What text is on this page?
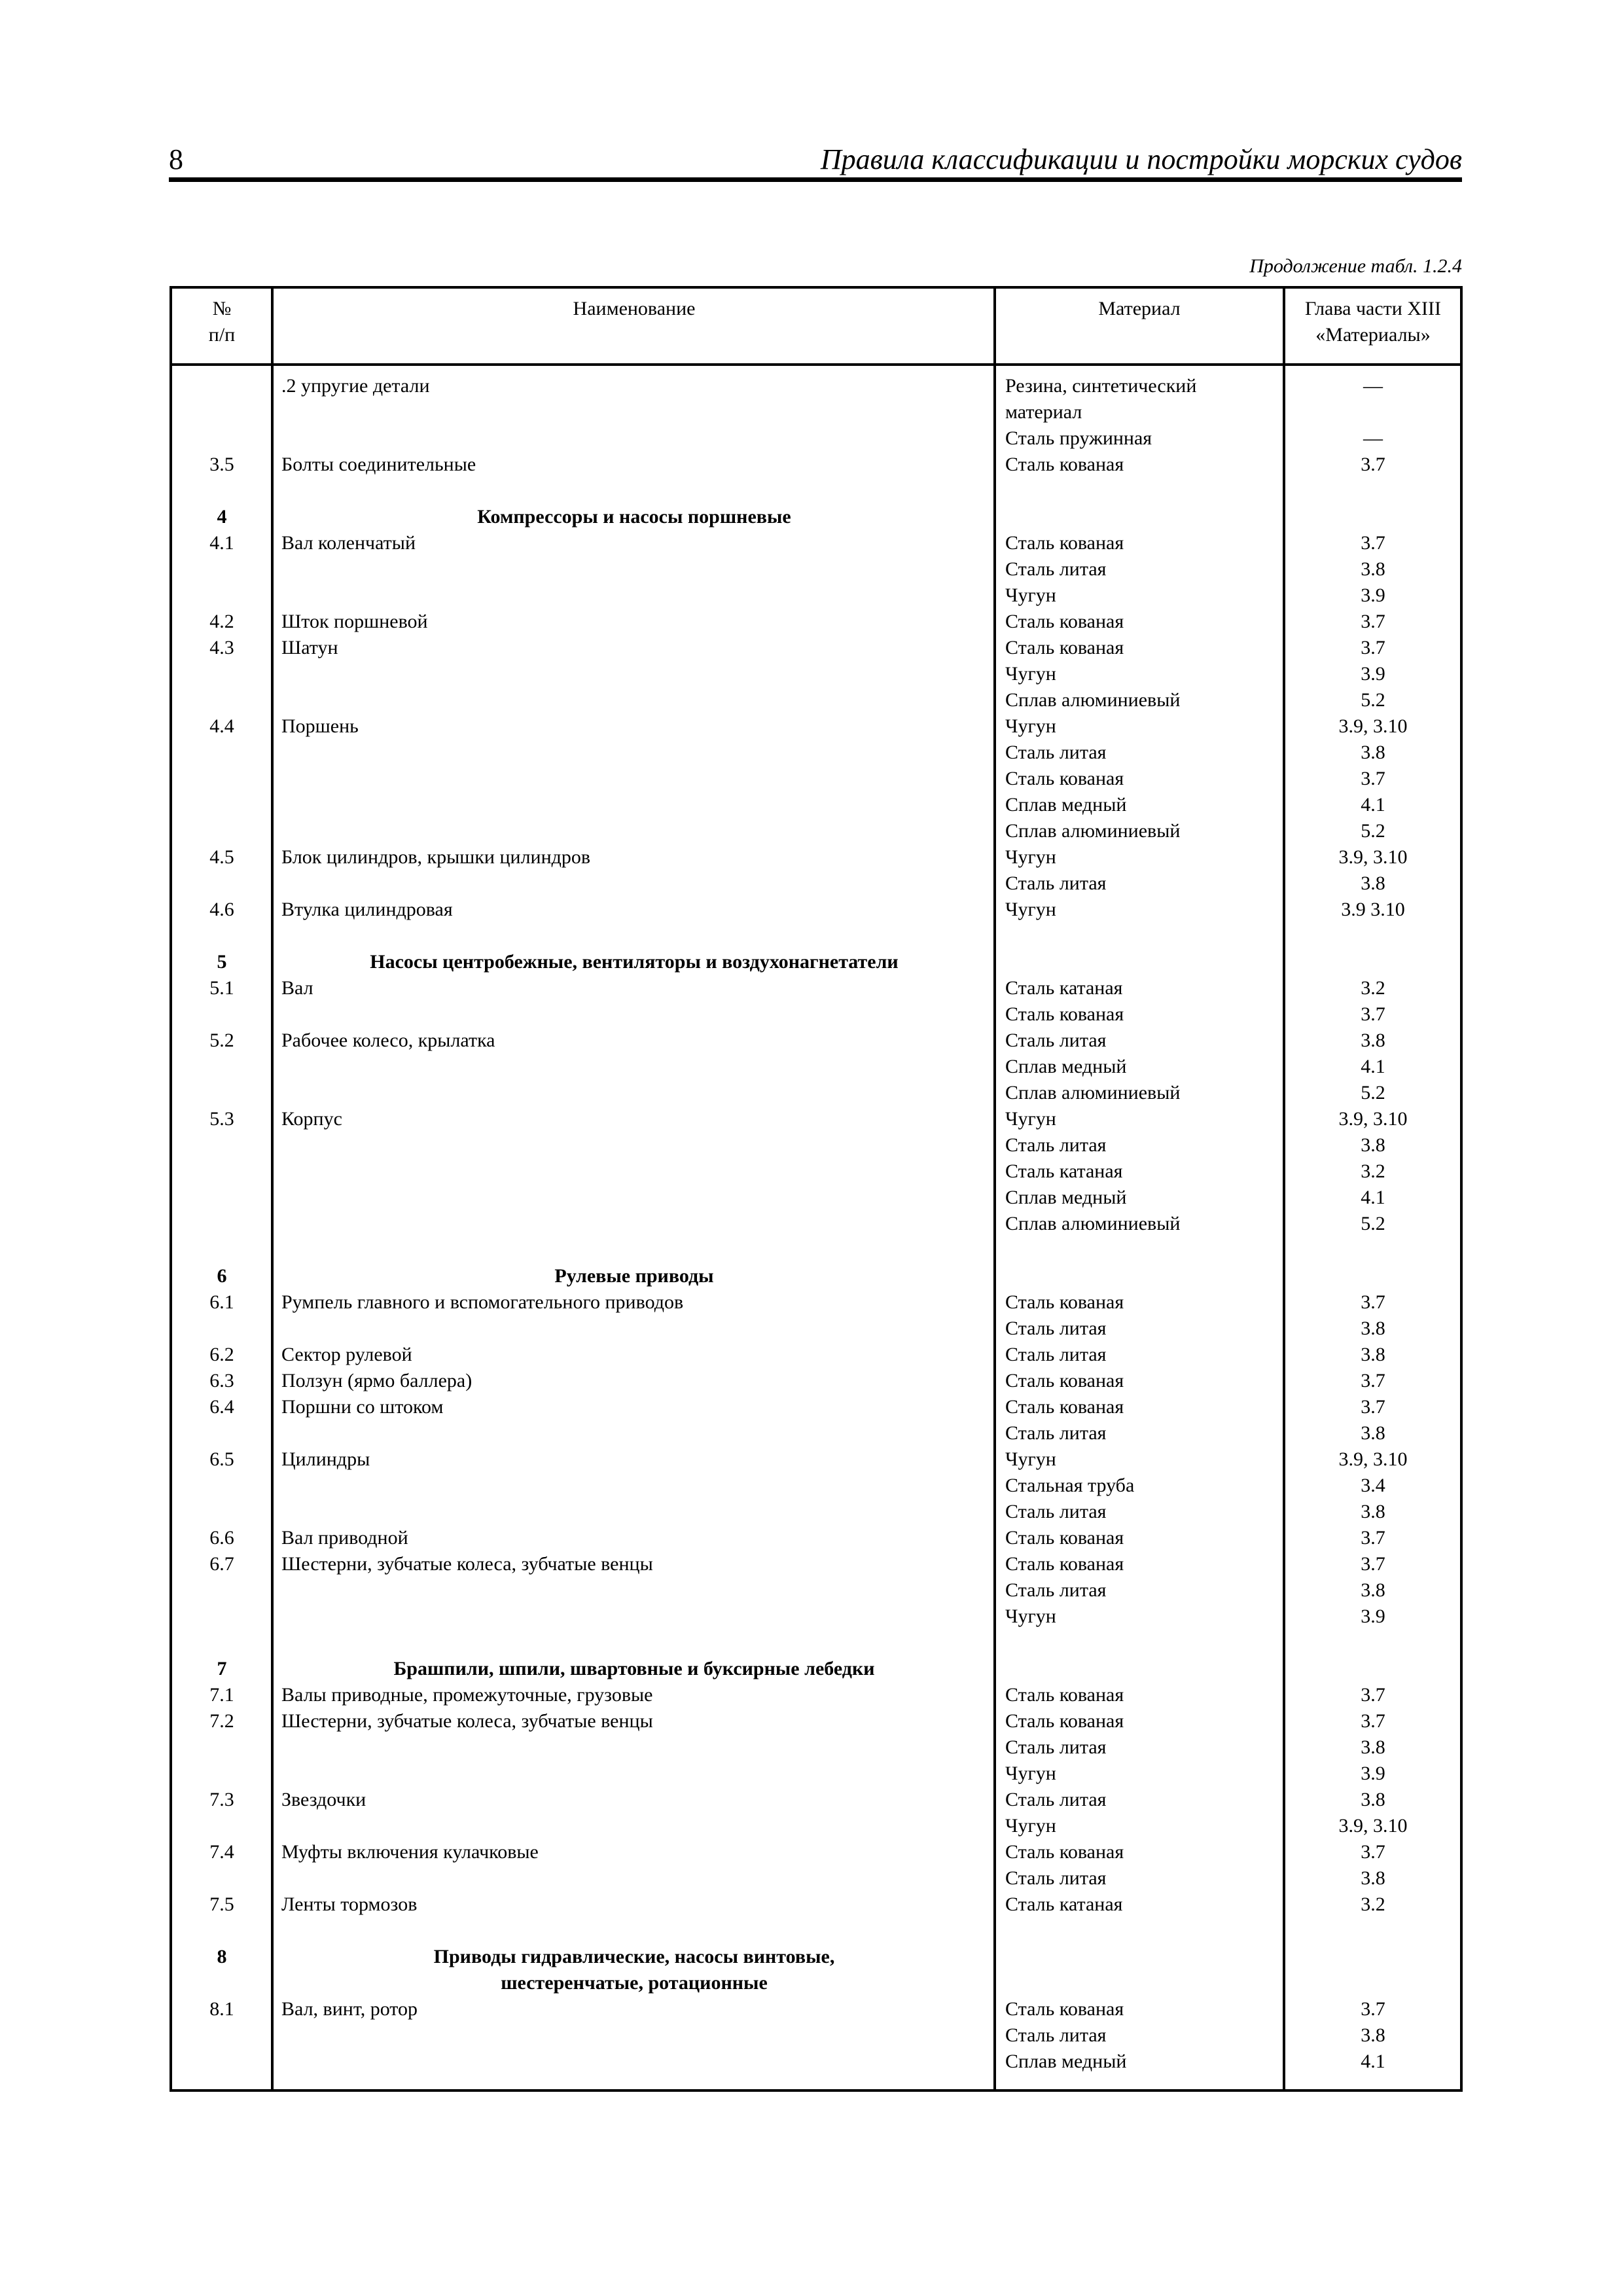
8	Правила классификации и постройки морских судов
Продолжение табл. 1.2.4
№
п/п
Наименование	Материал	Глава части XIII
«Материалы»
.2 упругие детали	Резина, синтетический	—
материал
Сталь пружинная	—
3.5	Болты соединительные	Сталь кованая	3.7
4	Компрессоры и насосы поршневые
4.1	Вал коленчатый	Сталь кованая	3.7
Сталь литая	3.8
Чугун	3.9
4.2	Шток поршневой	Сталь кованая	3.7
4.3	Шатун	Сталь кованая	3.7
Чугун	3.9
Сплав алюминиевый	5.2
4.4	Поршень	Чугун	3.9, 3.10
Сталь литая	3.8
Сталь кованая	3.7
Сплав медный	4.1
Сплав алюминиевый	5.2
4.5	Блок цилиндров, крышки цилиндров	Чугун	3.9, 3.10
Сталь литая	3.8
4.6	Втулка цилиндровая	Чугун	3.9 3.10
5	Насосы центробежные, вентиляторы и воздухонагнетатели
5.1	Вал	Сталь катаная	3.2
Сталь кованая	3.7
5.2	Рабочее колесо, крылатка	Сталь литая	3.8
Сплав медный	4.1
Сплав алюминиевый	5.2
5.3	Корпус	Чугун	3.9, 3.10
Сталь литая	3.8
Сталь катаная	3.2
Сплав медный	4.1
Сплав алюминиевый	5.2
6	Рулевые приводы
6.1	Румпель главного и вспомогательного приводов	Сталь кованая	3.7
Сталь литая	3.8
6.2	Сектор рулевой	Сталь литая	3.8
6.3	Ползун (ярмо баллера)	Сталь кованая	3.7
6.4	Поршни со штоком	Сталь кованая	3.7
Сталь литая	3.8
6.5	Цилиндры	Чугун	3.9, 3.10
Стальная труба	3.4
Сталь литая	3.8
6.6	Вал приводной	Сталь кованая	3.7
6.7	Шестерни, зубчатые колеса, зубчатые венцы	Сталь кованая	3.7
Сталь литая	3.8
Чугун	3.9
7	Брашпили, шпили, швартовные и буксирные лебедки
7.1	Валы приводные, промежуточные, грузовые	Сталь кованая	3.7
7.2	Шестерни, зубчатые колеса, зубчатые венцы	Сталь кованая	3.7
Сталь литая	3.8
Чугун	3.9
7.3	Звездочки	Сталь литая	3.8
Чугун	3.9, 3.10
7.4	Муфты включения кулачковые	Сталь кованая	3.7
Сталь литая	3.8
7.5	Ленты тормозов	Сталь катаная	3.2
8	Приводы гидравлические, насосы винтовые,
шестеренчатые, ротационные
8.1	Вал, винт, ротор	Сталь кованая	3.7
Сталь литая	3.8
Сплав медный	4.1
